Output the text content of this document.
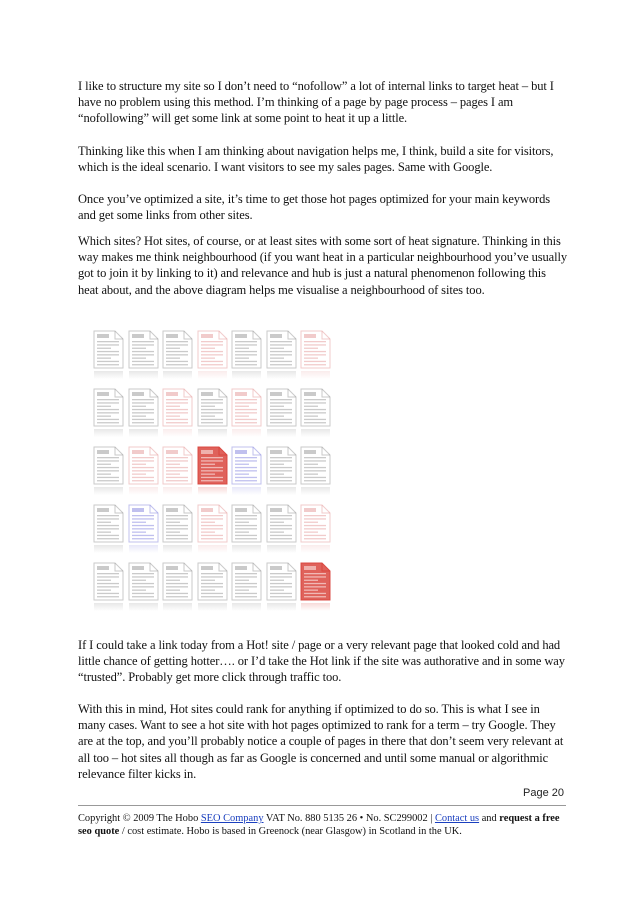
I like to structure my site so I don’t need to “nofollow” a lot of internal links to target heat – but I have no problem using this method. I’m thinking of a page by page process – pages I am “nofollowing” will get some link at some point to heat it up a little.

Thinking like this when I am thinking about navigation helps me, I think, build a site for visitors, which is the ideal scenario. I want visitors to see my sales pages. Same with Google.

Once you’ve optimized a site, it’s time to get those hot pages optimized for your main keywords and get some links from other sites.

Which sites? Hot sites, of course, or at least sites with some sort of heat signature. Thinking in this way makes me think neighbourhood (if you want heat in a particular neighbourhood you’ve usually got to join it by linking to it) and relevance and hub is just a natural phenomenon following this heat about, and the above diagram helps me visualise a neighbourhood of sites too.

If I could take a link today from a Hot! site / page or a very relevant page that looked cold and had little chance of getting hotter…. or I’d take the Hot link if the site was authorative and in some way “trusted”. Probably get more click through traffic too.

With this in mind, Hot sites could rank for anything if optimized to do so. This is what I see in many cases. Want to see a hot site with hot pages optimized to rank for a term – try Google. They are at the top, and you’ll probably notice a couple of pages in there that don’t seem very relevant at all too – hot sites all though as far as Google is concerned and until some manual or algorithmic relevance filter kicks in.

Page 20
Copyright © 2009 The Hobo SEO Company VAT No. 880 5135 26 • No. SC299002 | Contact us and request a free seo quote / cost estimate. Hobo is based in Greenock (near Glasgow) in Scotland in the UK.
